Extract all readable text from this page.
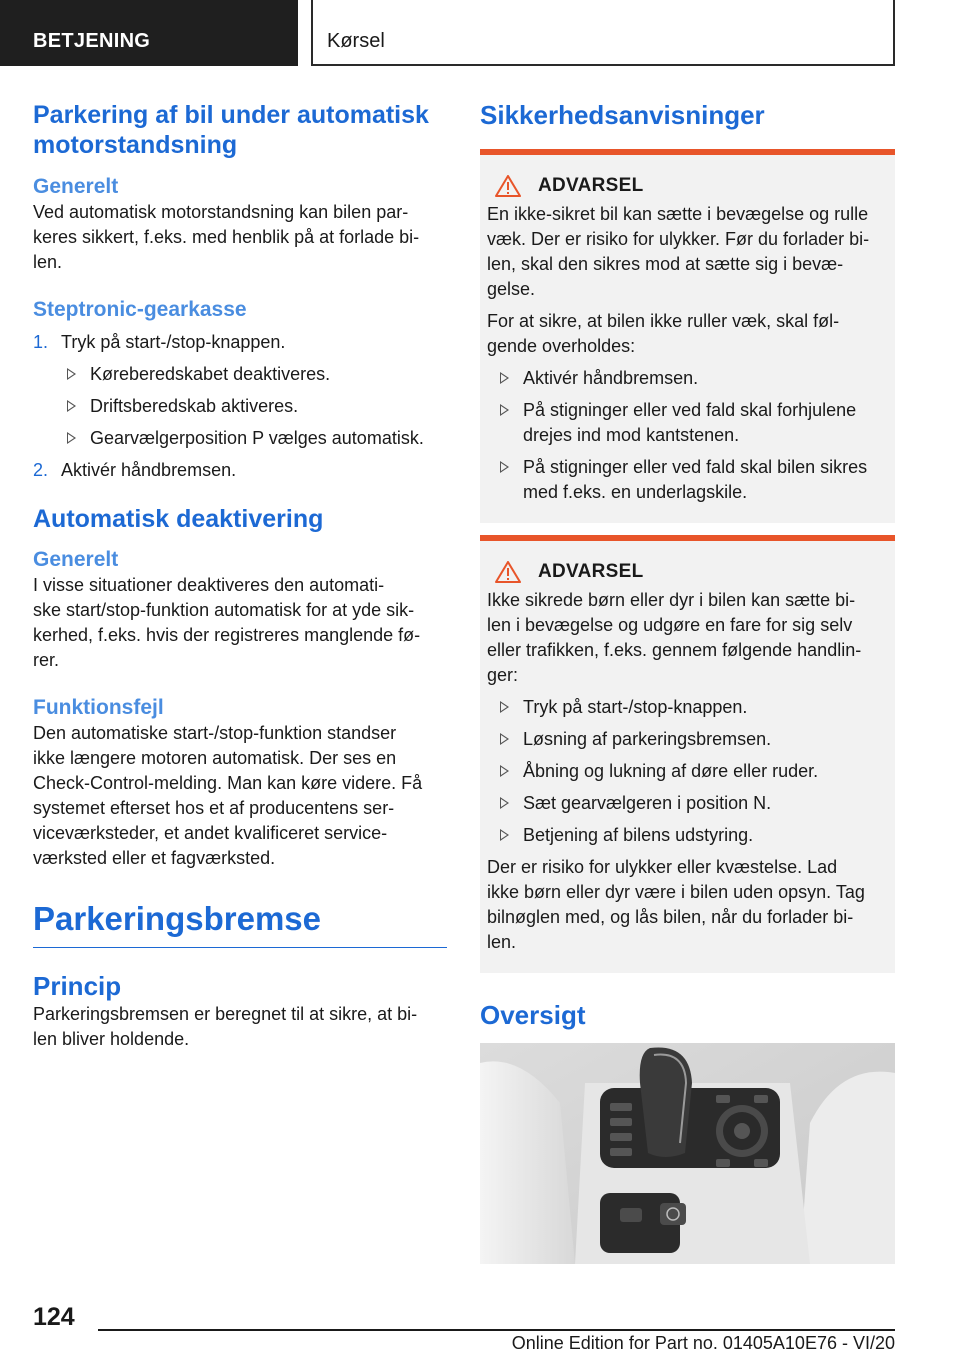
BETJENING	Kørsel
Parkering af bil under automatisk
motorstandsning
Generelt

Ved automatisk motorstandsning kan bilen par-
keres sikkert, f.eks. med henblik på at forlade bi-
len.

Steptronic-gearkasse
1. Tryk på start-/stop-knappen.
Køreberedskabet deaktiveres.
Driftsberedskab aktiveres.
Gearvælgerposition P vælges automatisk.
2. Aktivér håndbremsen.
Automatisk deaktivering
Generelt

I visse situationer deaktiveres den automati-
ske start/stop-funktion automatisk for at yde sik-
kerhed, f.eks. hvis der registreres manglende fø-
rer.

Funktionsfejl

Den automatiske start-/stop-funktion standser
ikke længere motoren automatisk. Der ses en
Check-Control-melding. Man kan køre videre. Få
systemet efterset hos et af producentens ser-
viceværksteder, et andet kvalificeret service-
værksted eller et fagværksted.

Parkeringsbremse
Princip

Parkeringsbremsen er beregnet til at sikre, at bi-
len bliver holdende.

Sikkerhedsanvisninger
ADVARSEL

En ikke-sikret bil kan sætte i bevægelse og rulle
væk. Der er risiko for ulykker. Før du forlader bi-
len, skal den sikres mod at sætte sig i bevæ-
gelse.

For at sikre, at bilen ikke ruller væk, skal føl-
gende overholdes:

Aktivér håndbremsen.
På stigninger eller ved fald skal forhjulene
drejes ind mod kantstenen.
På stigninger eller ved fald skal bilen sikres
med f.eks. en underlagskile.
ADVARSEL

Ikke sikrede børn eller dyr i bilen kan sætte bi-
len i bevægelse og udgøre en fare for sig selv
eller trafikken, f.eks. gennem følgende handlin-
ger:

Tryk på start-/stop-knappen.
Løsning af parkeringsbremsen.
Åbning og lukning af døre eller ruder.
Sæt gearvælgeren i position N.
Betjening af bilens udstyring.

Der er risiko for ulykker eller kvæstelse. Lad
ikke børn eller dyr være i bilen uden opsyn. Tag
bilnøglen med, og lås bilen, når du forlader bi-
len.

Oversigt
124
Online Edition for Part no. 01405A10E76 - VI/20
